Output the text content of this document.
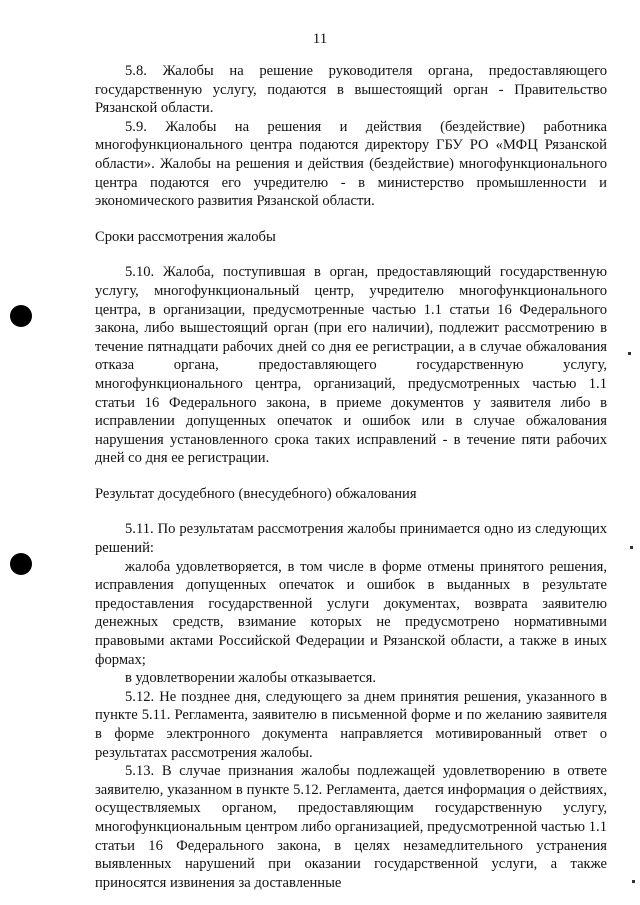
11

5.8. Жалобы на решение руководителя органа, предоставляющего государственную услугу, подаются в вышестоящий орган - Правительство Рязанской области.

5.9. Жалобы на решения и действия (бездействие) работника многофункционального центра подаются директору ГБУ РО «МФЦ Рязанской области». Жалобы на решения и действия (бездействие) многофункционального центра подаются его учредителю - в министерство промышленности и экономического развития Рязанской области.

Сроки рассмотрения жалобы

5.10. Жалоба, поступившая в орган, предоставляющий государственную услугу, многофункциональный центр, учредителю многофункционального центра, в организации, предусмотренные частью 1.1 статьи 16 Федерального закона, либо вышестоящий орган (при его наличии), подлежит рассмотрению в течение пятнадцати рабочих дней со дня ее регистрации, а в случае обжалования отказа органа, предоставляющего государственную услугу, многофункционального центра, организаций, предусмотренных частью 1.1 статьи 16 Федерального закона, в приеме документов у заявителя либо в исправлении допущенных опечаток и ошибок или в случае обжалования нарушения установленного срока таких исправлений - в течение пяти рабочих дней со дня ее регистрации.

Результат досудебного (внесудебного) обжалования

5.11. По результатам рассмотрения жалобы принимается одно из следующих решений:

жалоба удовлетворяется, в том числе в форме отмены принятого решения, исправления допущенных опечаток и ошибок в выданных в результате предоставления государственной услуги документах, возврата заявителю денежных средств, взимание которых не предусмотрено нормативными правовыми актами Российской Федерации и Рязанской области, а также в иных формах;

в удовлетворении жалобы отказывается.

5.12. Не позднее дня, следующего за днем принятия решения, указанного в пункте 5.11. Регламента, заявителю в письменной форме и по желанию заявителя в форме электронного документа направляется мотивированный ответ о результатах рассмотрения жалобы.

5.13. В случае признания жалобы подлежащей удовлетворению в ответе заявителю, указанном в пункте 5.12. Регламента, дается информация о действиях, осуществляемых органом, предоставляющим государственную услугу, многофункциональным центром либо организацией, предусмотренной частью 1.1 статьи 16 Федерального закона, в целях незамедлительного устранения выявленных нарушений при оказании государственной услуги, а также приносятся извинения за доставленные
